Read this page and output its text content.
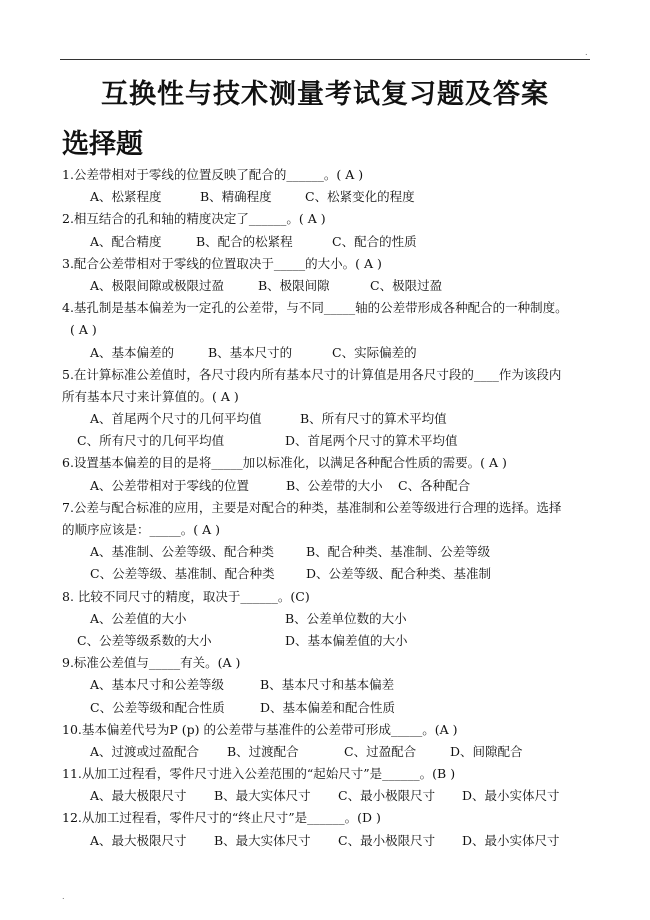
.
互换性与技术测量考试复习题及答案
选择题
1.公差带相对于零线的位置反映了配合的______。( A )
A、松紧程度	B、精确程度	C、松紧变化的程度
2.相互结合的孔和轴的精度决定了______。( A )
A、配合精度	B、配合的松紧程	C、配合的性质
3.配合公差带相对于零线的位置取决于_____的大小。( A )
A、极限间隙或极限过盈	B、极限间隙	C、极限过盈
4.基孔制是基本偏差为一定孔的公差带，与不同_____轴的公差带形成各种配合的一种制度。
( A )
A、基本偏差的	B、基本尺寸的	C、实际偏差的
5.在计算标准公差值时，各尺寸段内所有基本尺寸的计算值是用各尺寸段的____作为该段内
所有基本尺寸来计算值的。( A )
A、首尾两个尺寸的几何平均值	B、所有尺寸的算术平均值
C、所有尺寸的几何平均值	D、首尾两个尺寸的算术平均值
6.设置基本偏差的目的是将_____加以标准化，以满足各种配合性质的需要。( A )
A、公差带相对于零线的位置	B、公差带的大小	C、各种配合
7.公差与配合标准的应用，主要是对配合的种类，基准制和公差等级进行合理的选择。选择
的顺序应该是：_____。( A )
A、基准制、公差等级、配合种类	B、配合种类、基准制、公差等级
C、公差等级、基准制、配合种类	D、公差等级、配合种类、基准制
8. 比较不同尺寸的精度，取决于______。(C)
A、公差值的大小	B、公差单位数的大小
C、公差等级系数的大小	D、基本偏差值的大小
9.标准公差值与_____有关。(A )
A、基本尺寸和公差等级	B、基本尺寸和基本偏差
C、公差等级和配合性质	D、基本偏差和配合性质
10.基本偏差代号为P (p) 的公差带与基准件的公差带可形成_____。(A )
A、过渡或过盈配合	B、过渡配合	C、过盈配合	D、间隙配合
11.从加工过程看，零件尺寸进入公差范围的“起始尺寸”是______。(B )
A、最大极限尺寸	B、最大实体尺寸	C、最小极限尺寸	D、最小实体尺寸
12.从加工过程看，零件尺寸的“终止尺寸”是______。(D )
A、最大极限尺寸	B、最大实体尺寸	C、最小极限尺寸	D、最小实体尺寸
.
